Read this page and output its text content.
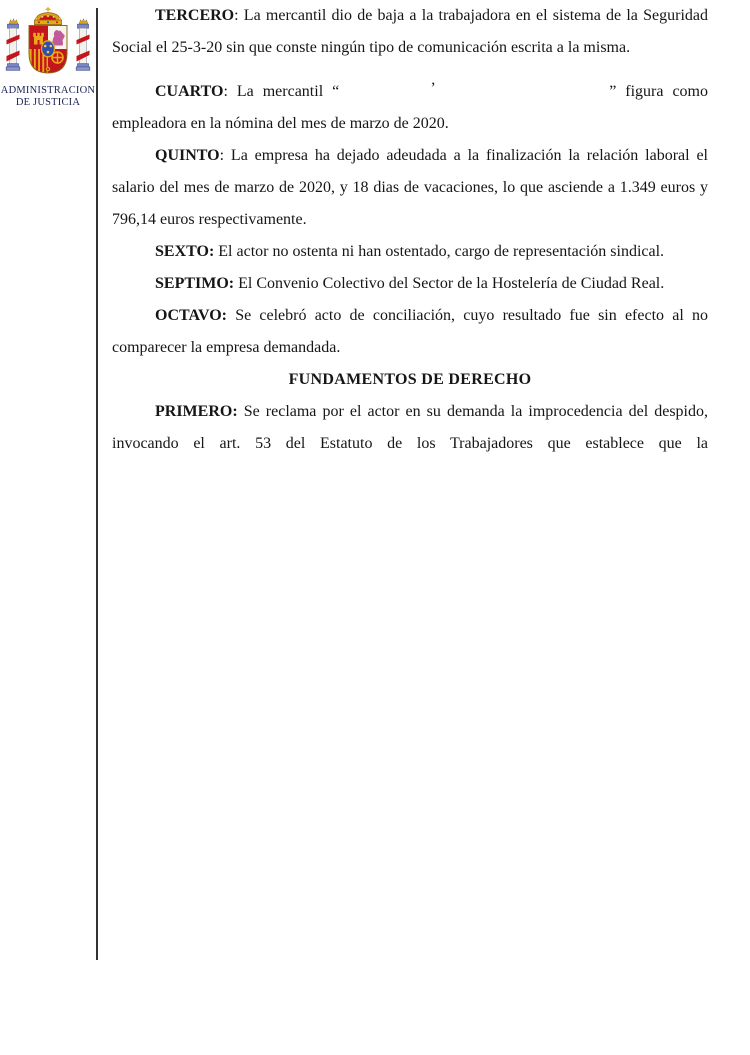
ADMINISTRACION
DE JUSTICIA

TERCERO: La mercantil dio de baja a la trabajadora en el sistema de la Seguridad Social el 25-3-20 sin que conste ningún tipo de comunicación escrita a la misma.

CUARTO: La mercantil “,” figura como empleadora en la nómina del mes de marzo de 2020.

QUINTO: La empresa ha dejado adeudada a la finalización la relación laboral el salario del mes de marzo de 2020, y 18 dias de vacaciones, lo que asciende a 1.349 euros y 796,14 euros respectivamente.

SEXTO: El actor no ostenta ni han ostentado, cargo de representación sindical.

SEPTIMO: El Convenio Colectivo del Sector de la Hostelería de Ciudad Real.

OCTAVO: Se celebró acto de conciliación, cuyo resultado fue sin efecto al no comparecer la empresa demandada.

FUNDAMENTOS DE DERECHO

PRIMERO: Se reclama por el actor en su demanda la improcedencia del despido, invocando el art. 53 del Estatuto de los Trabajadores que establece que la
